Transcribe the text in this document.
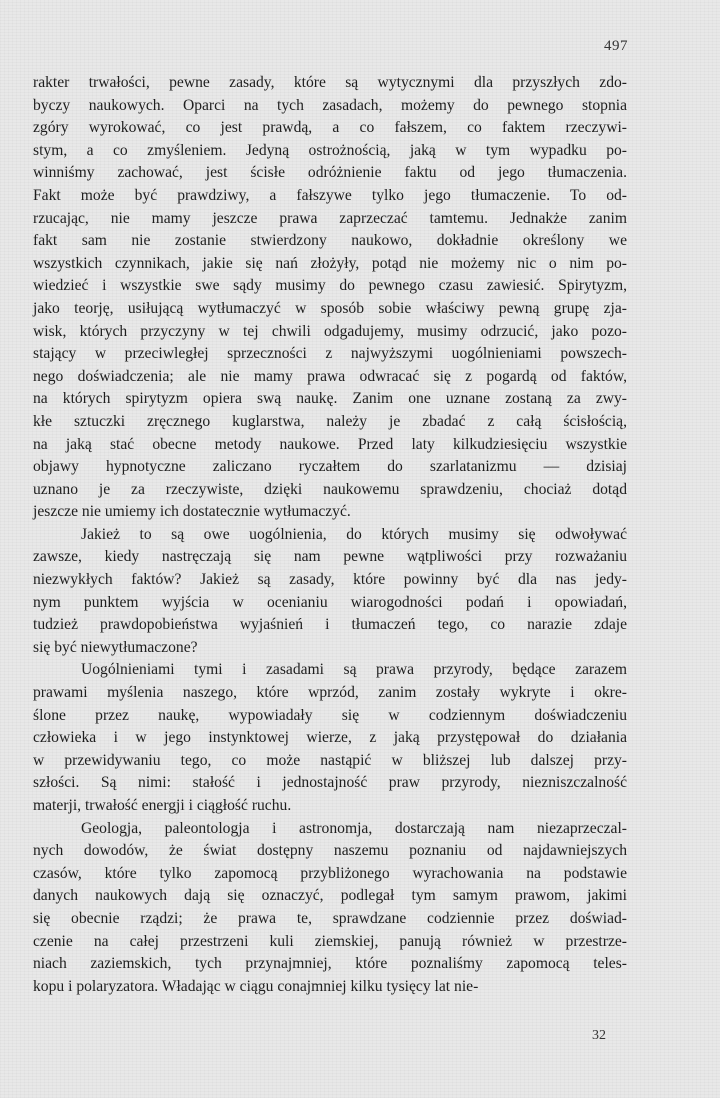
497

rakter trwałości, pewne zasady, które są wytycznymi dla przyszłych zdo-
byczy naukowych. Oparci na tych zasadach, możemy do pewnego stopnia
zgóry wyrokować, co jest prawdą, a co fałszem, co faktem rzeczywi-
stym, a co zmyśleniem. Jedyną ostrożnością, jaką w tym wypadku po-
winniśmy zachować, jest ścisłe odróżnienie faktu od jego tłumaczenia.
Fakt może być prawdziwy, a fałszywe tylko jego tłumaczenie. To od-
rzucając, nie mamy jeszcze prawa zaprzeczać tamtemu. Jednakże zanim
fakt sam nie zostanie stwierdzony naukowo, dokładnie określony we
wszystkich czynnikach, jakie się nań złożyły, potąd nie możemy nic o nim po-
wiedzieć i wszystkie swe sądy musimy do pewnego czasu zawiesić. Spirytyzm,
jako teorję, usiłującą wytłumaczyć w sposób sobie właściwy pewną grupę zja-
wisk, których przyczyny w tej chwili odgadujemy, musimy odrzucić, jako pozo-
stający w przeciwległej sprzeczności z najwyższymi uogólnieniami powszech-
nego doświadczenia; ale nie mamy prawa odwracać się z pogardą od faktów,
na których spirytyzm opiera swą naukę. Zanim one uznane zostaną za zwy-
kłe sztuczki zręcznego kuglarstwa, należy je zbadać z całą ścisłością,
na jaką stać obecne metody naukowe. Przed laty kilkudziesięciu wszystkie
objawy hypnotyczne zaliczano ryczałtem do szarlatanizmu — dzisiaj
uznano je za rzeczywiste, dzięki naukowemu sprawdzeniu, chociaż dotąd
jeszcze nie umiemy ich dostatecznie wytłumaczyć.

Jakież to są owe uogólnienia, do których musimy się odwoływać
zawsze, kiedy nastręczają się nam pewne wątpliwości przy rozważaniu
niezwykłych faktów? Jakież są zasady, które powinny być dla nas jedy-
nym punktem wyjścia w ocenianiu wiarogodności podań i opowiadań,
tudzież prawdopobieństwa wyjaśnień i tłumaczeń tego, co narazie zdaje
się być niewytłumaczone?

Uogólnieniami tymi i zasadami są prawa przyrody, będące zarazem
prawami myślenia naszego, które wprzód, zanim zostały wykryte i okre-
ślone przez naukę, wypowiadały się w codziennym doświadczeniu
człowieka i w jego instynktowej wierze, z jaką przystępował do działania
w przewidywaniu tego, co może nastąpić w bliższej lub dalszej przy-
szłości. Są nimi: stałość i jednostajność praw przyrody, niezniszczalność
materji, trwałość energji i ciągłość ruchu.

Geologja, paleontologja i astronomja, dostarczają nam niezaprzeczal-
nych dowodów, że świat dostępny naszemu poznaniu od najdawniejszych
czasów, które tylko zapomocą przybliżonego wyrachowania na podstawie
danych naukowych dają się oznaczyć, podlegał tym samym prawom, jakimi
się obecnie rządzi; że prawa te, sprawdzane codziennie przez doświad-
czenie na całej przestrzeni kuli ziemskiej, panują również w przestrze-
niach zaziemskich, tych przynajmniej, które poznaliśmy zapomocą teles-
kopu i polaryzatora. Władając w ciągu conajmniej kilku tysięcy lat nie-

32
